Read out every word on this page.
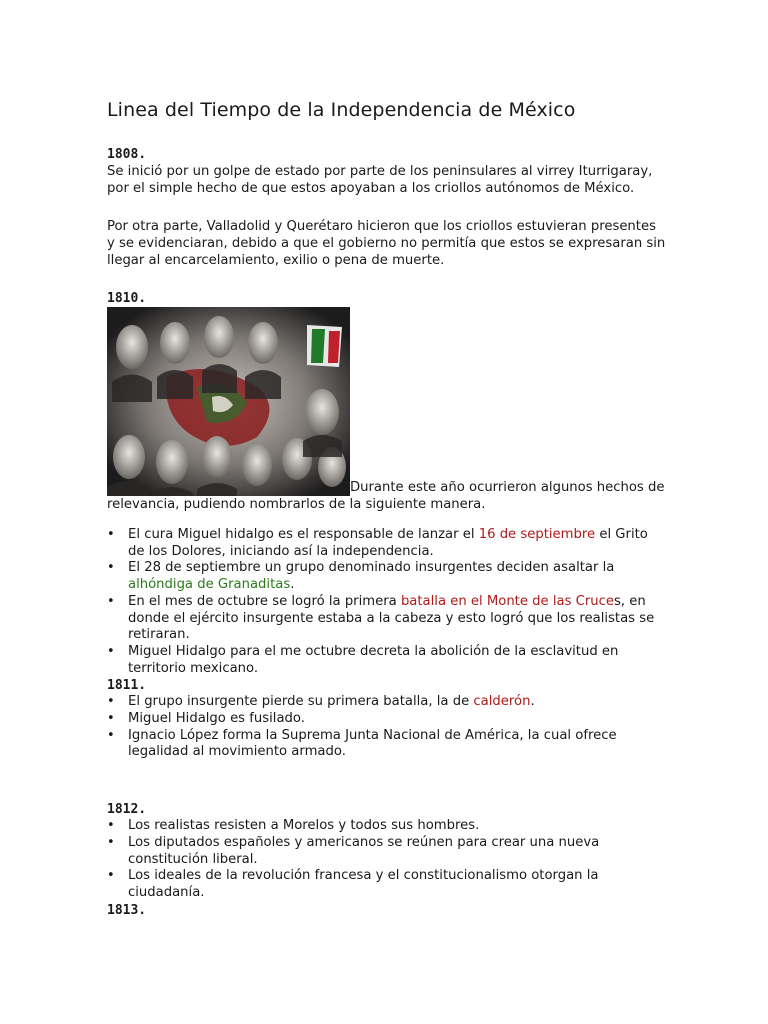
Linea del Tiempo de la Independencia de México
1808.

Se inició por un golpe de estado por parte de los peninsulares al virrey Iturrigaray, por el simple hecho de que estos apoyaban a los criollos autónomos de México.

Por otra parte, Valladolid y Querétaro hicieron que los criollos estuvieran presentes y se evidenciaran, debido a que el gobierno no permitía que estos se expresaran sin llegar al encarcelamiento, exilio o pena de muerte.

1810.
Durante este año ocurrieron algunos hechos de relevancia, pudiendo nombrarlos de la siguiente manera.
• El cura Miguel hidalgo es el responsable de lanzar el 16 de septiembre el Grito de los Dolores, iniciando así la independencia.
• El 28 de septiembre un grupo denominado insurgentes deciden asaltar la alhóndiga de Granaditas.
• En el mes de octubre se logró la primera batalla en el Monte de las Cruces, en donde el ejército insurgente estaba a la cabeza y esto logró que los realistas se retiraran.
• Miguel Hidalgo para el me octubre decreta la abolición de la esclavitud en territorio mexicano.
1811.
• El grupo insurgente pierde su primera batalla, la de calderón.
• Miguel Hidalgo es fusilado.
• Ignacio López forma la Suprema Junta Nacional de América, la cual ofrece legalidad al movimiento armado.
1812.
• Los realistas resisten a Morelos y todos sus hombres.
• Los diputados españoles y americanos se reúnen para crear una nueva constitución liberal.
• Los ideales de la revolución francesa y el constitucionalismo otorgan la ciudadanía.
1813.
